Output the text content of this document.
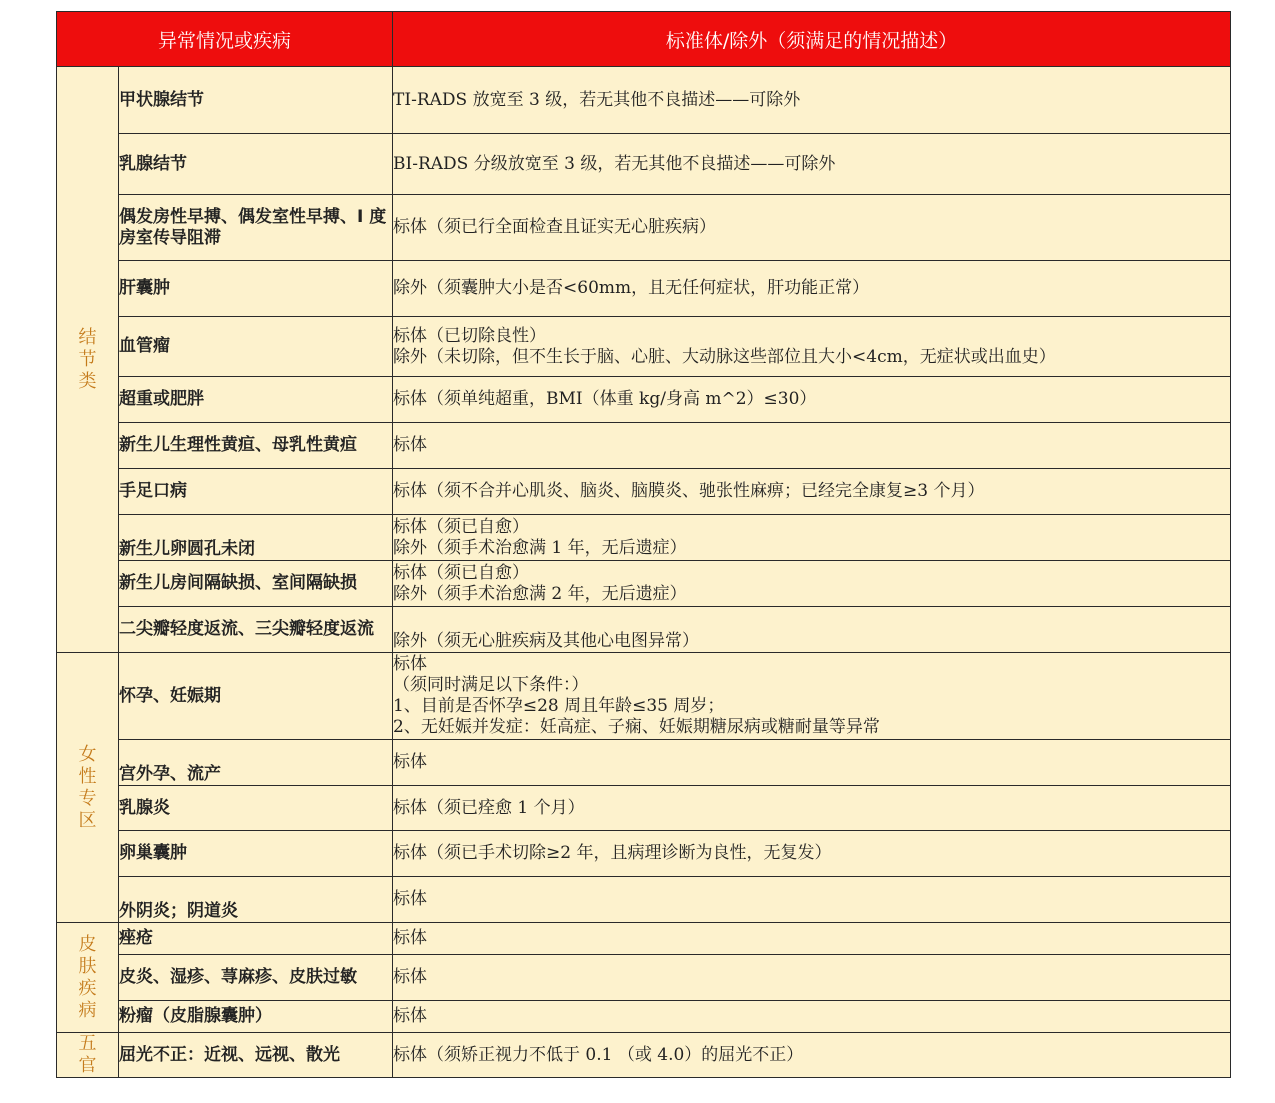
异常情况或疾病		标准体/除外（须满足的情况描述）
结节类	甲状腺结节	TI-RADS 放宽至 3 级，若无其他不良描述——可除外

	乳腺结节	BI-RADS 分级放宽至 3 级，若无其他不良描述——可除外

	偶发房性早搏、偶发室性早搏、I 度房室传导阻滞	标体（须已行全面检查且证实无心脏疾病）

	肝囊肿	除外（须囊肿大小是否<60mm，且无任何症状，肝功能正常）

	血管瘤	标体（已切除良性）
除外（未切除，但不生长于脑、心脏、大动脉这些部位且大小<4cm，无症状或出血史）

	超重或肥胖	标体（须单纯超重，BMI（体重 kg/身高 m^2）≤30）

	新生儿生理性黄疸、母乳性黄疸	标体

	手足口病	标体（须不合并心肌炎、脑炎、脑膜炎、驰张性麻痹；已经完全康复≥3 个月）

	新生儿卵圆孔未闭	标体（须已自愈）
除外（须手术治愈满 1 年，无后遗症）

	新生儿房间隔缺损、室间隔缺损	标体（须已自愈）
除外（须手术治愈满 2 年，无后遗症）

	二尖瓣轻度返流、三尖瓣轻度返流	除外（须无心脏疾病及其他心电图异常）

女性专区	怀孕、妊娠期	标体
（须同时满足以下条件：）
1、目前是否怀孕≤28 周且年龄≤35 周岁；
2、无妊娠并发症：妊高症、子痫、妊娠期糖尿病或糖耐量等异常

	宫外孕、流产	标体

	乳腺炎	标体（须已痊愈 1 个月）

	卵巢囊肿	标体（须已手术切除≥2 年，且病理诊断为良性，无复发）

	外阴炎；阴道炎	标体

皮肤疾病	痤疮	标体

	皮炎、湿疹、荨麻疹、皮肤过敏	标体

	粉瘤（皮脂腺囊肿）	标体

五官	屈光不正：近视、远视、散光	标体（须矫正视力不低于 0.1 （或 4.0）的屈光不正）
